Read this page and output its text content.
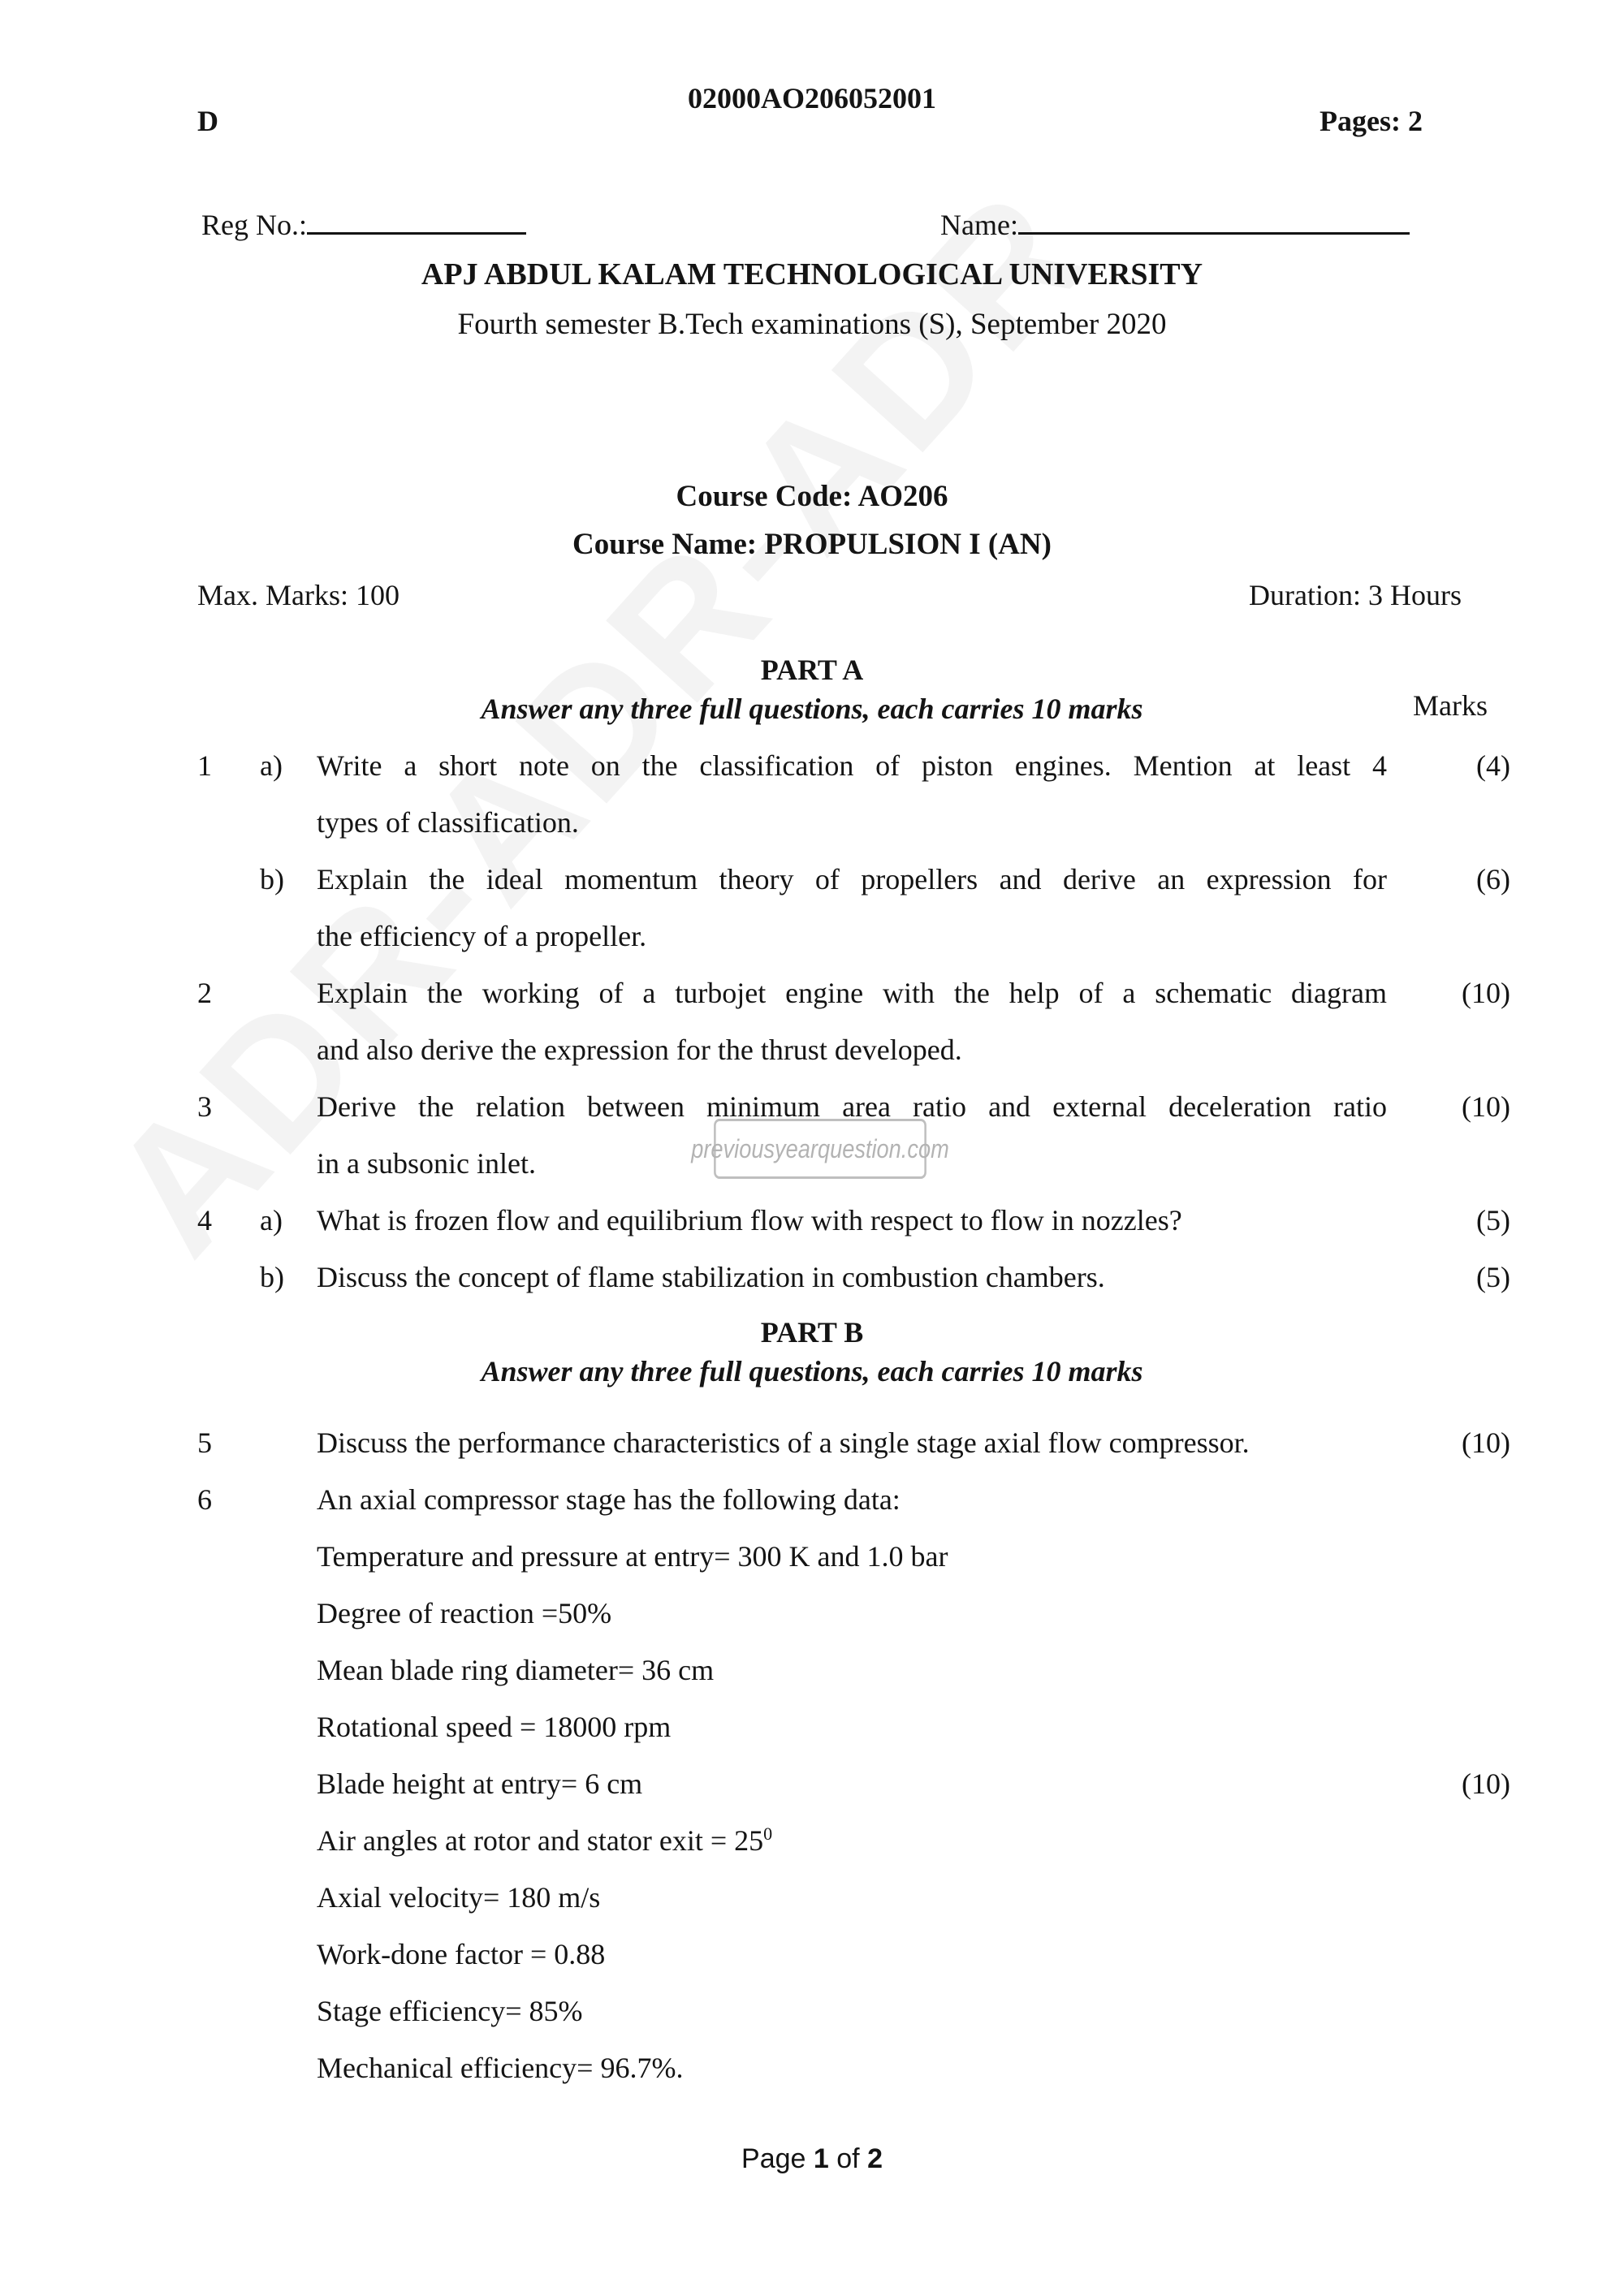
previousyearquestion.com
D
02000AO206052001
Pages: 2
Reg No.:	Name:
APJ ABDUL KALAM TECHNOLOGICAL UNIVERSITY
Fourth semester B.Tech examinations (S), September 2020
Course Code: AO206
Course Name: PROPULSION I (AN)
Max. Marks: 100	Duration: 3 Hours
PART A
Answer any three full questions, each carries 10 marks	Marks
1 a) Write a short note on the classification of piston engines. Mention at least 4
types of classification.
(4)
b) Explain the ideal momentum theory of propellers and derive an expression for
the efficiency of a propeller.
(6)
2	Explain the working of a turbojet engine with the help of a schematic diagram
and also derive the expression for the thrust developed.
(10)
3	Derive the relation between minimum area ratio and external deceleration ratio
in a subsonic inlet.
(10)
4 a) What is frozen flow and equilibrium flow with respect to flow in nozzles?	(5)
b) Discuss the concept of flame stabilization in combustion chambers.	(5)
PART B
Answer any three full questions, each carries 10 marks
5	Discuss the performance characteristics of a single stage axial flow compressor.	(10)
6	An axial compressor stage has the following data:
Temperature and pressure at entry= 300 K and 1.0 bar
Degree of reaction =50%
Mean blade ring diameter= 36 cm
Rotational speed = 18000 rpm
Blade height at entry= 6 cm
Air angles at rotor and stator exit = $25^0$
Axial velocity= 180 m/s
Work-done factor = 0.88
Stage efficiency= 85%
Mechanical efficiency= 96.7%.
(10)
Page 1 of 2
